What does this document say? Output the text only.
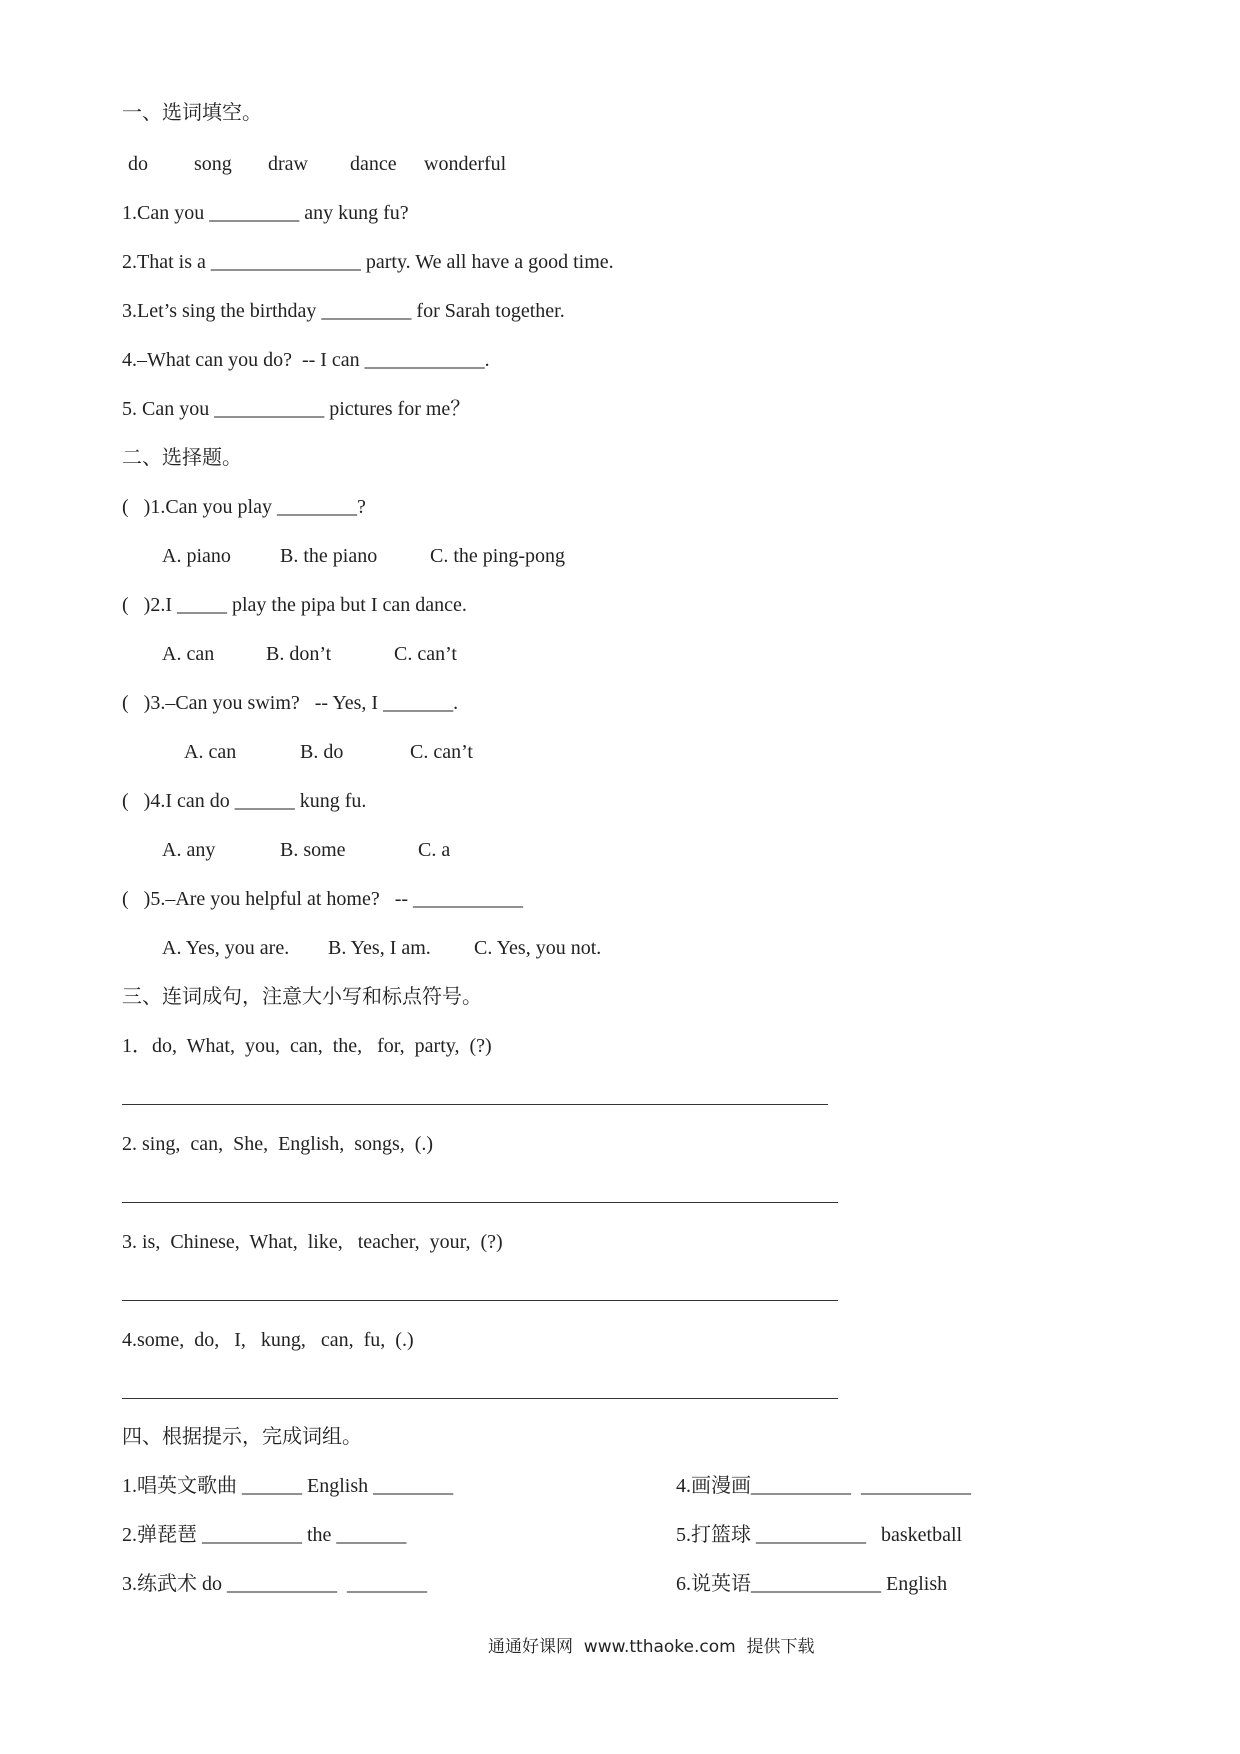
一、选词填空。
do song draw dance wonderful
1.Can you _________ any kung fu?
2.That is a _______________ party. We all have a good time.
3.Let’s sing the birthday _________ for Sarah together.
4.–What can you do?  -- I can ____________.
5. Can you ___________ pictures for me？
二、选择题。
(   )1.Can you play ________?
A. piano B. the piano	C. the ping-pong
(   )2.I _____ play the pipa but I can dance.
A. can	B. don’t	C. can’t
(   )3.–Can you swim?   -- Yes, I _______.
A. can	B. do	C. can’t
(   )4.I can do ______ kung fu.
A. any	B. some	C. a
(   )5.–Are you helpful at home?   -- ___________
A. Yes, you are. B. Yes, I am. C. Yes, you not.
三、连词成句，注意大小写和标点符号。
1．do,  What,  you,  can,  the,   for,  party,  (?)
2. sing,  can,  She,  English,  songs,  (.)
3. is,  Chinese,  What,  like,   teacher,  your,  (?)
4.some,  do,   I,   kung,   can,  fu,  (.)
四、根据提示，完成词组。
1.唱英文歌曲 ______ English ________
2.弹琵琶 __________ the _______
3.练武术 do ___________  ________
4.画漫画__________  ___________
5.打篮球 ___________   basketball
6.说英语_____________ English
通通好课网  www.tthaoke.com  提供下载
